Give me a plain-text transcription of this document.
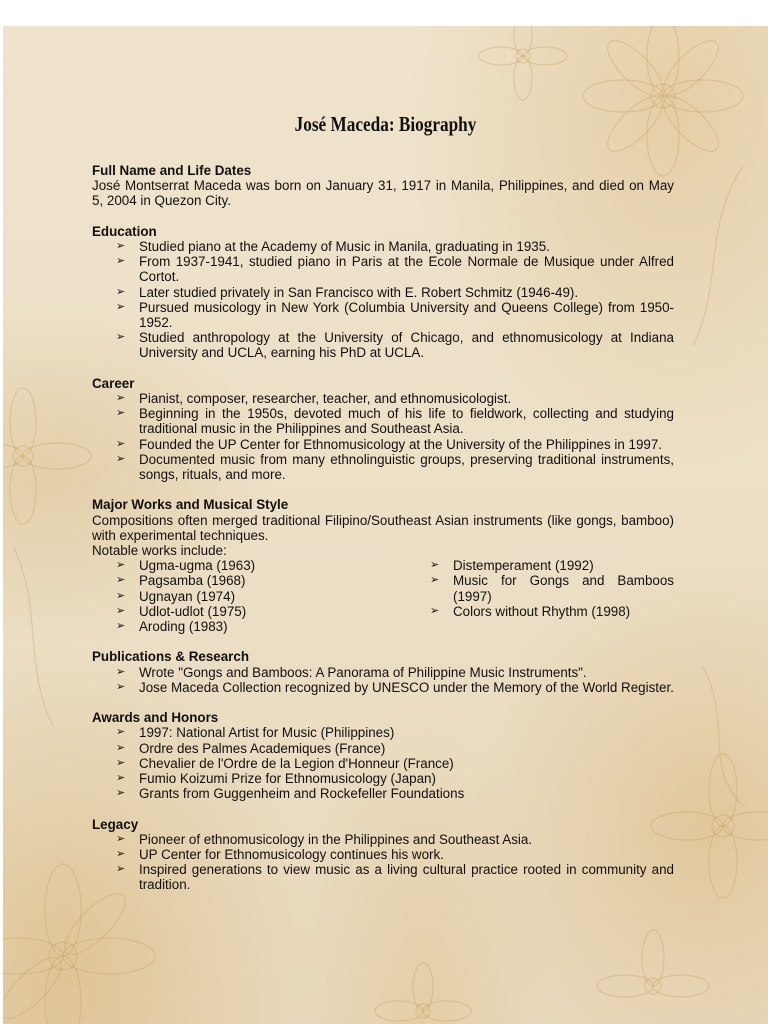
José Maceda: Biography
Full Name and Life Dates
José Montserrat Maceda was born on January 31, 1917 in Manila, Philippines, and died on May 5, 2004 in Quezon City.
Education
➢ Studied piano at the Academy of Music in Manila, graduating in 1935.
➢ From 1937-1941, studied piano in Paris at the Ecole Normale de Musique under Alfred Cortot.
➢ Later studied privately in San Francisco with E. Robert Schmitz (1946-49).
➢ Pursued musicology in New York (Columbia University and Queens College) from 1950-1952.
➢ Studied anthropology at the University of Chicago, and ethnomusicology at Indiana University and UCLA, earning his PhD at UCLA.
Career
➢ Pianist, composer, researcher, teacher, and ethnomusicologist.
➢ Beginning in the 1950s, devoted much of his life to fieldwork, collecting and studying traditional music in the Philippines and Southeast Asia.
➢ Founded the UP Center for Ethnomusicology at the University of the Philippines in 1997.
➢ Documented music from many ethnolinguistic groups, preserving traditional instruments, songs, rituals, and more.
Major Works and Musical Style
Compositions often merged traditional Filipino/Southeast Asian instruments (like gongs, bamboo) with experimental techniques.
Notable works include:
➢ Ugma-ugma (1963)
➢ Pagsamba (1968)
➢ Ugnayan (1974)
➢ Udlot-udlot (1975)
➢ Aroding (1983)
➢ Distemperament (1992)
➢ Music for Gongs and Bamboos (1997)
➢ Colors without Rhythm (1998)
Publications & Research
➢ Wrote "Gongs and Bamboos: A Panorama of Philippine Music Instruments".
➢ Jose Maceda Collection recognized by UNESCO under the Memory of the World Register.
Awards and Honors
➢ 1997: National Artist for Music (Philippines)
➢ Ordre des Palmes Academiques (France)
➢ Chevalier de l'Ordre de la Legion d'Honneur (France)
➢ Fumio Koizumi Prize for Ethnomusicology (Japan)
➢ Grants from Guggenheim and Rockefeller Foundations
Legacy
➢ Pioneer of ethnomusicology in the Philippines and Southeast Asia.
➢ UP Center for Ethnomusicology continues his work.
➢ Inspired generations to view music as a living cultural practice rooted in community and tradition.
